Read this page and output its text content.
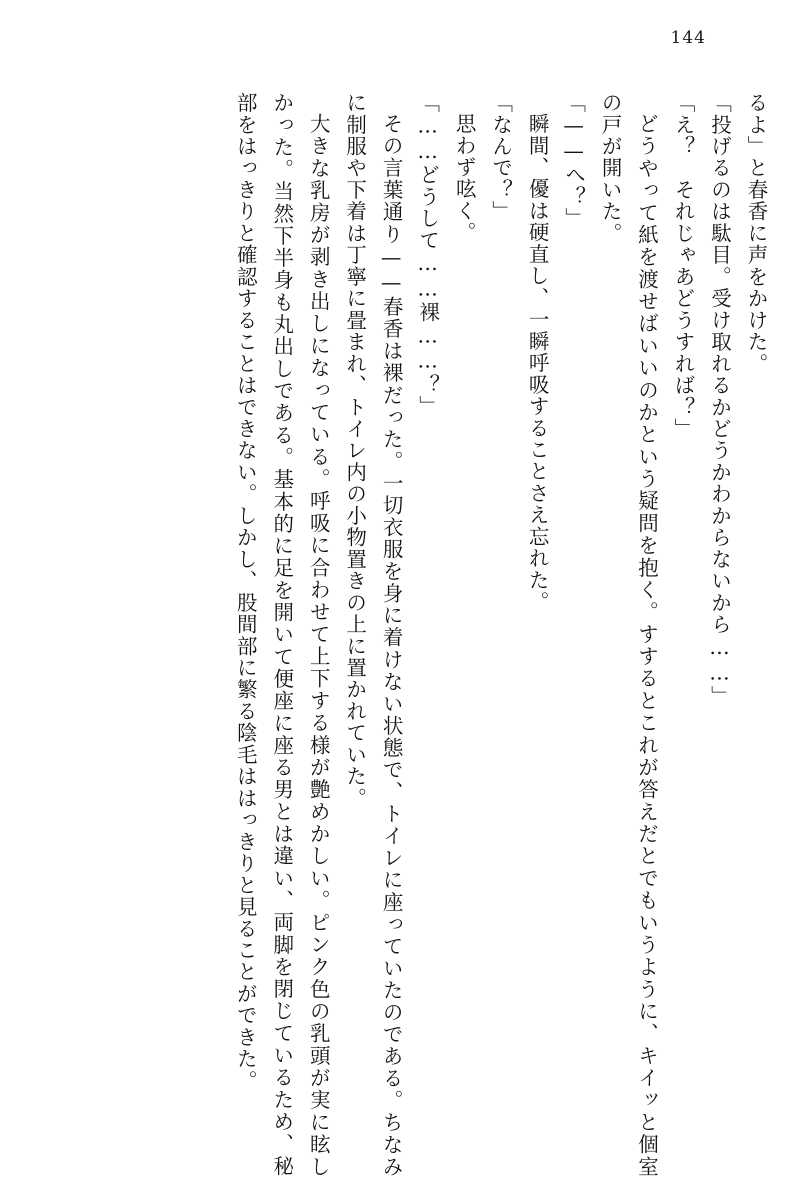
144

るよ」と春香に声をかけた。

「投げるのは駄目。受け取れるかどうかわからないから……」

「え？　それじゃあどうすれば？」

どうやって紙を渡せばいいのかという疑問を抱く。すするとこれが答えだとでもいうように、キイッと個室の戸が開いた。

「——へ？」

瞬間、優は硬直し、一瞬呼吸することさえ忘れた。

「なんで？」

思わず呟く。

「……どうして……裸……？」

その言葉通り——春香は裸だった。一切衣服を身に着けない状態で、トイレに座っていたのである。ちなみに制服や下着は丁寧に畳まれ、トイレ内の小物置きの上に置かれていた。

大きな乳房が剥き出しになっている。呼吸に合わせて上下する様が艶めかしい。ピンク色の乳頭が実に眩しかった。当然下半身も丸出しである。基本的に足を開いて便座に座る男とは違い、両脚を閉じているため、秘部をはっきりと確認することはできない。しかし、股間部に繁る陰毛ははっきりと見ることができた。
